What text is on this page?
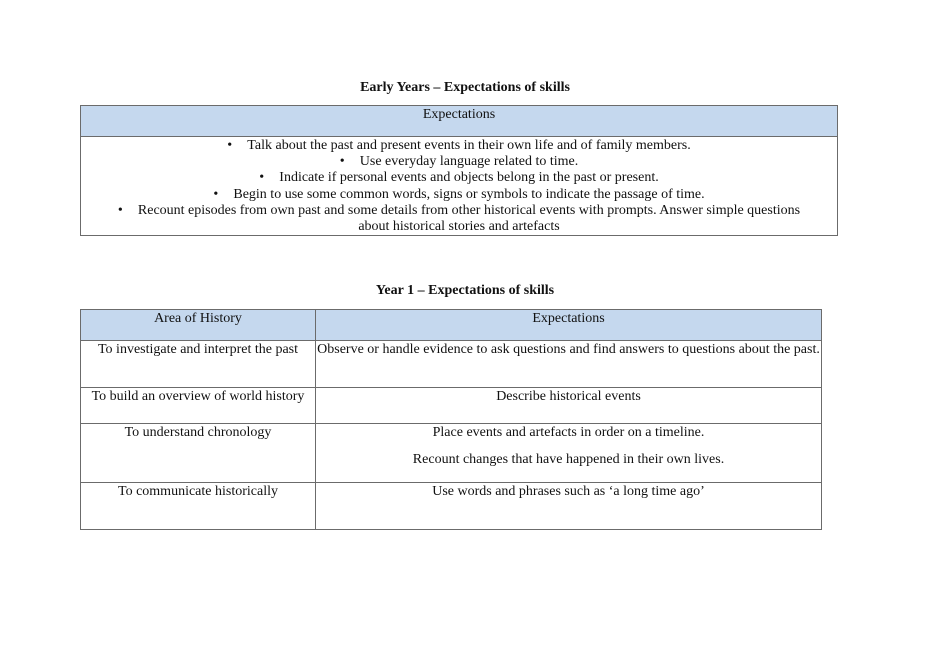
Early Years – Expectations of skills
Expectations

• Talk about the past and present events in their own life and of family members.
• Use everyday language related to time.
• Indicate if personal events and objects belong in the past or present.
• Begin to use some common words, signs or symbols to indicate the passage of time.
• Recount episodes from own past and some details from other historical events with prompts. Answer simple questions about historical stories and artefacts
Year 1 – Expectations of skills
Area of History	Expectations
To investigate and interpret the past	Observe or handle evidence to ask questions and find answers to questions about the past.
To build an overview of world history	Describe historical events
To understand chronology	Place events and artefacts in order on a timeline.
Recount changes that have happened in their own lives.

To communicate historically	Use words and phrases such as ‘a long time ago’
